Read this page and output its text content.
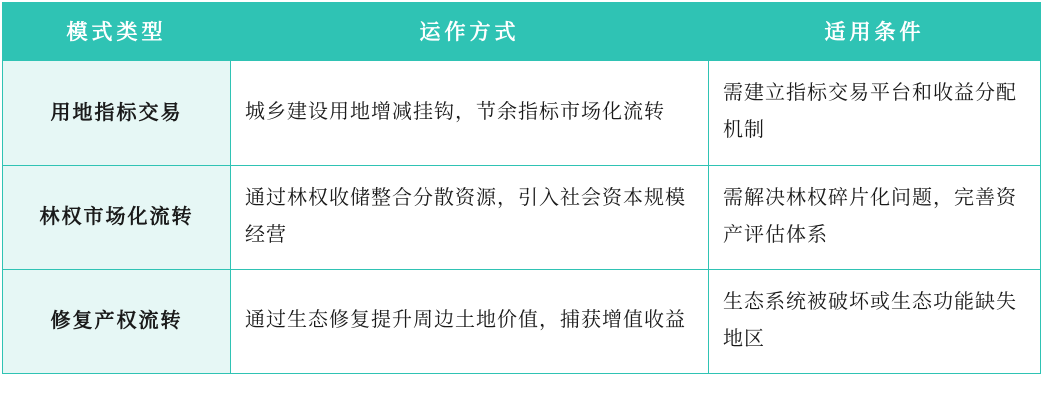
模式类型	运作方式	适用条件
用地指标交易	城乡建设用地增减挂钩，节余指标市场化流转	需建立指标交易平台和收益分配机制
林权市场化流转	通过林权收储整合分散资源，引入社会资本规模经营	需解决林权碎片化问题，完善资产评估体系
修复产权流转	通过生态修复提升周边土地价值，捕获增值收益	生态系统被破坏或生态功能缺失地区
